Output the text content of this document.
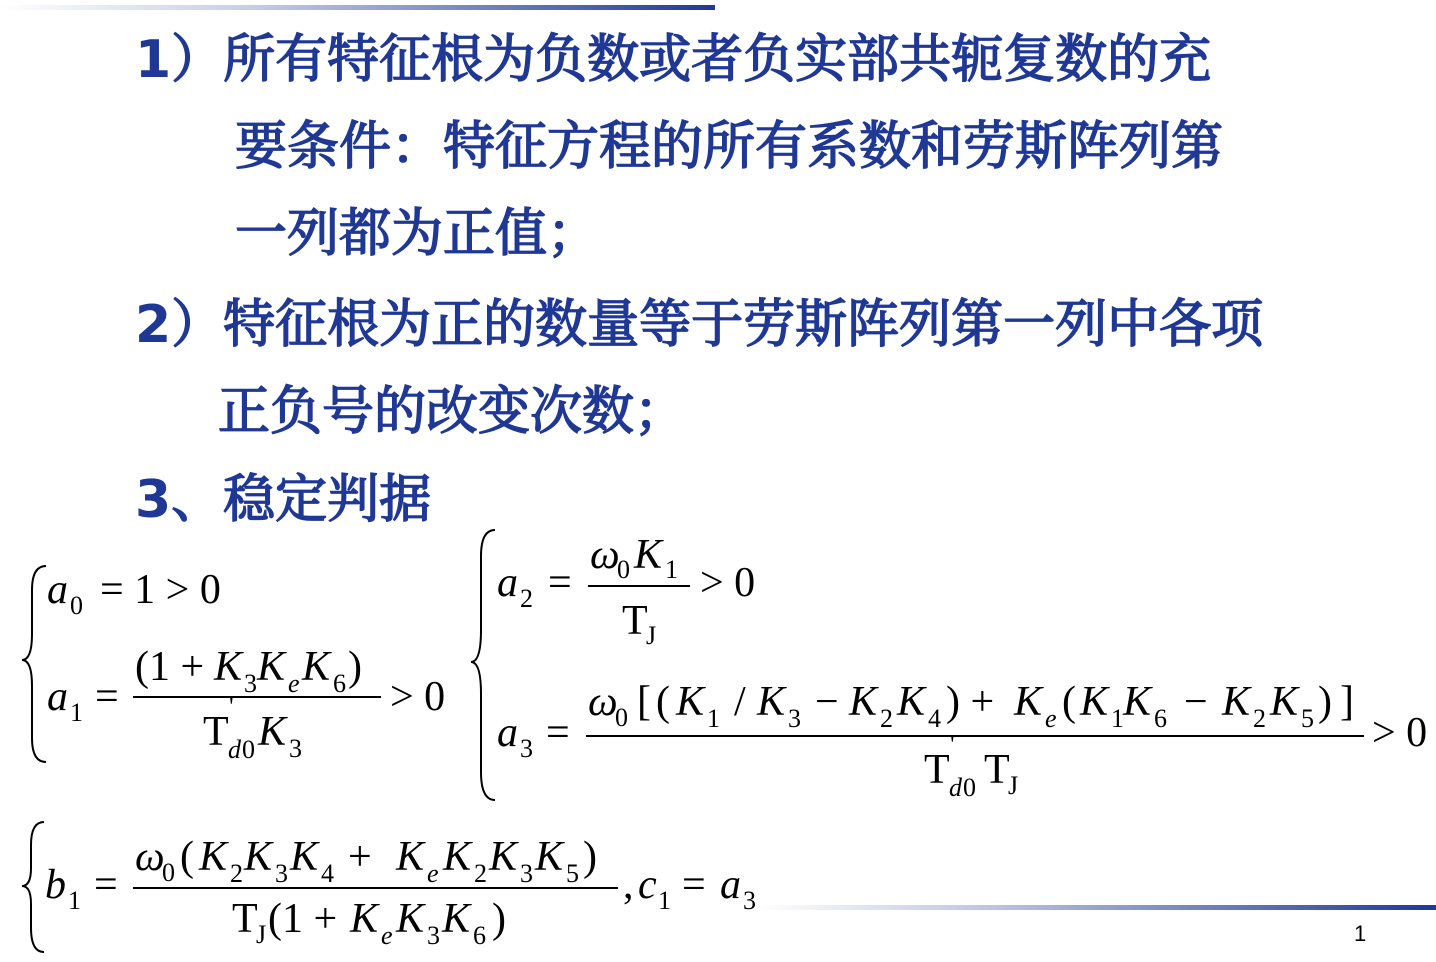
1）所有特征根为负数或者负实部共轭复数的充
要条件：特征方程的所有系数和劳斯阵列第
一列都为正值；
2）特征根为正的数量等于劳斯阵列第一列中各项
正负号的改变次数；
3、稳定判据
a 0 = 1 > 0
a 1 =
(1 + K 3 K e K 6 )
T
'
d 0 K 3
> 0
a 2 =
ω
0 K 1
T
J
> 0
a 3 =
ω
0 [ ( K 1 / K 3 − K 2 K 4 ) + K e ( K 1 K 6 − K 2 K 5 ) ]
T
'
d 0 T
J
> 0
b 1 =
ω
0 ( K 2 K 3 K 4 + K e K 2 K 3 K 5 )
T
J (1 + K e K 3 K 6 )
, c 1 = a 3
1
